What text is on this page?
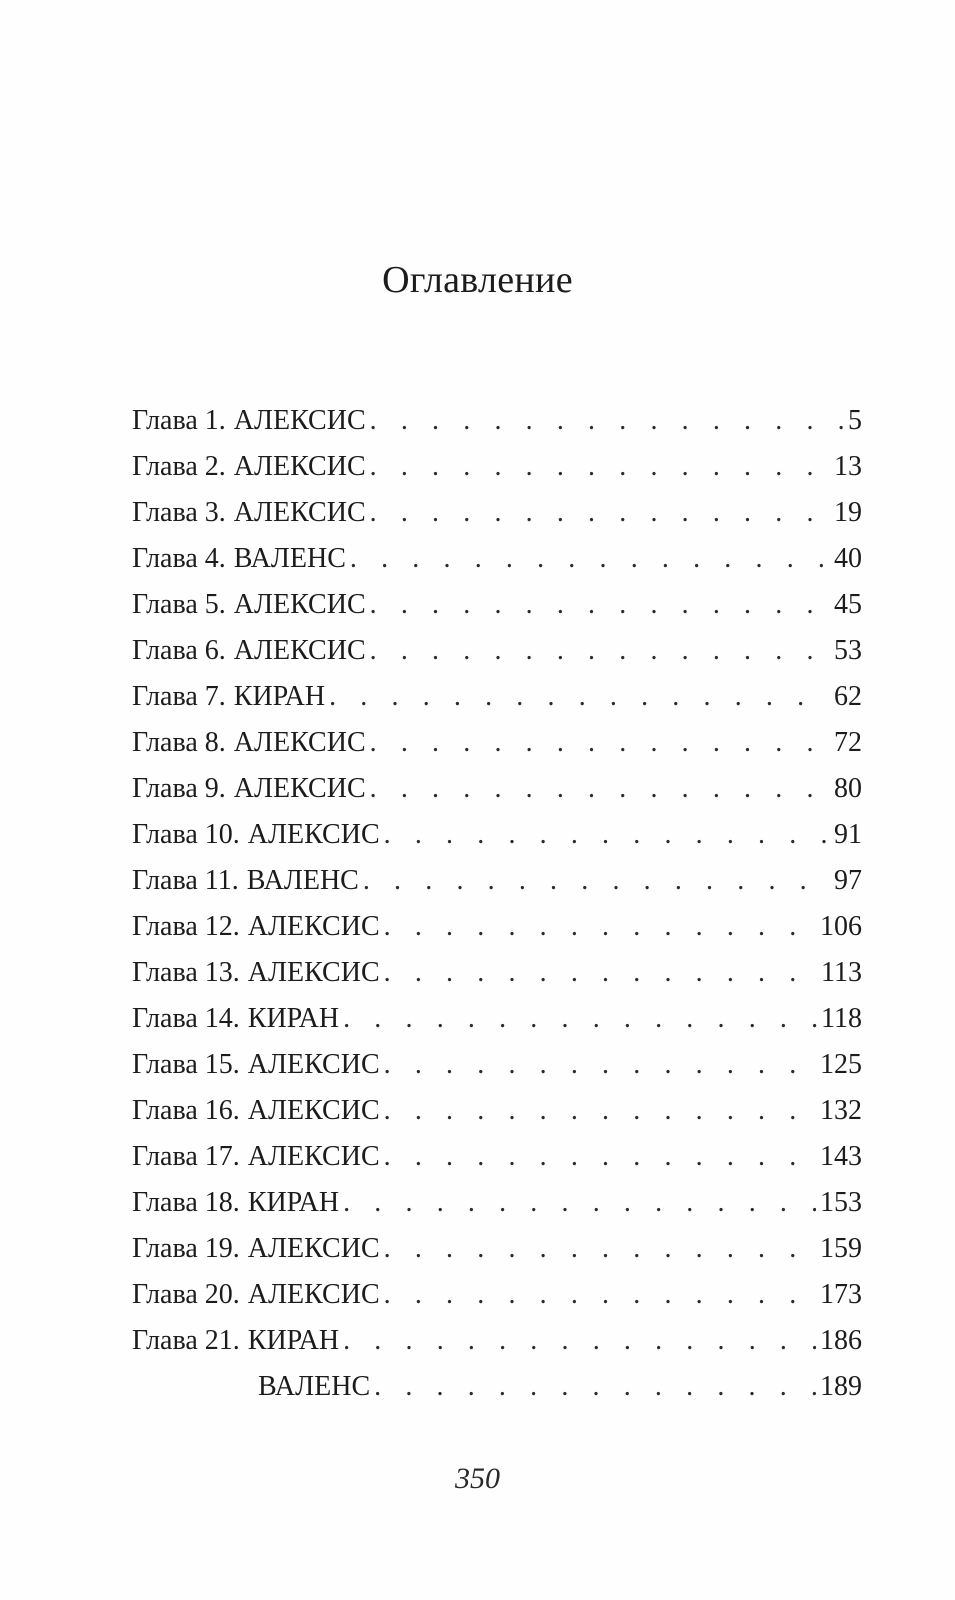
Оглавление
Глава 1. АЛЕКСИС . . .	5
Глава 2. АЛЕКСИС . . .	13
Глава 3. АЛЕКСИС . . .	19
Глава 4. ВАЛЕНС . . .	40
Глава 5. АЛЕКСИС . . .	45
Глава 6. АЛЕКСИС . . .	53
Глава 7. КИРАН . . .	62
Глава 8. АЛЕКСИС . . .	72
Глава 9. АЛЕКСИС . . .	80
Глава 10. АЛЕКСИС . . .	91
Глава 11. ВАЛЕНС . . .	97
Глава 12. АЛЕКСИС . . .	106
Глава 13. АЛЕКСИС . . .	113
Глава 14. КИРАН . . .	118
Глава 15. АЛЕКСИС . . .	125
Глава 16. АЛЕКСИС . . .	132
Глава 17. АЛЕКСИС . . .	143
Глава 18. КИРАН . . .	153
Глава 19. АЛЕКСИС . . .	159
Глава 20. АЛЕКСИС . . .	173
Глава 21. КИРАН . . .	186
ВАЛЕНС . . .	189
350
